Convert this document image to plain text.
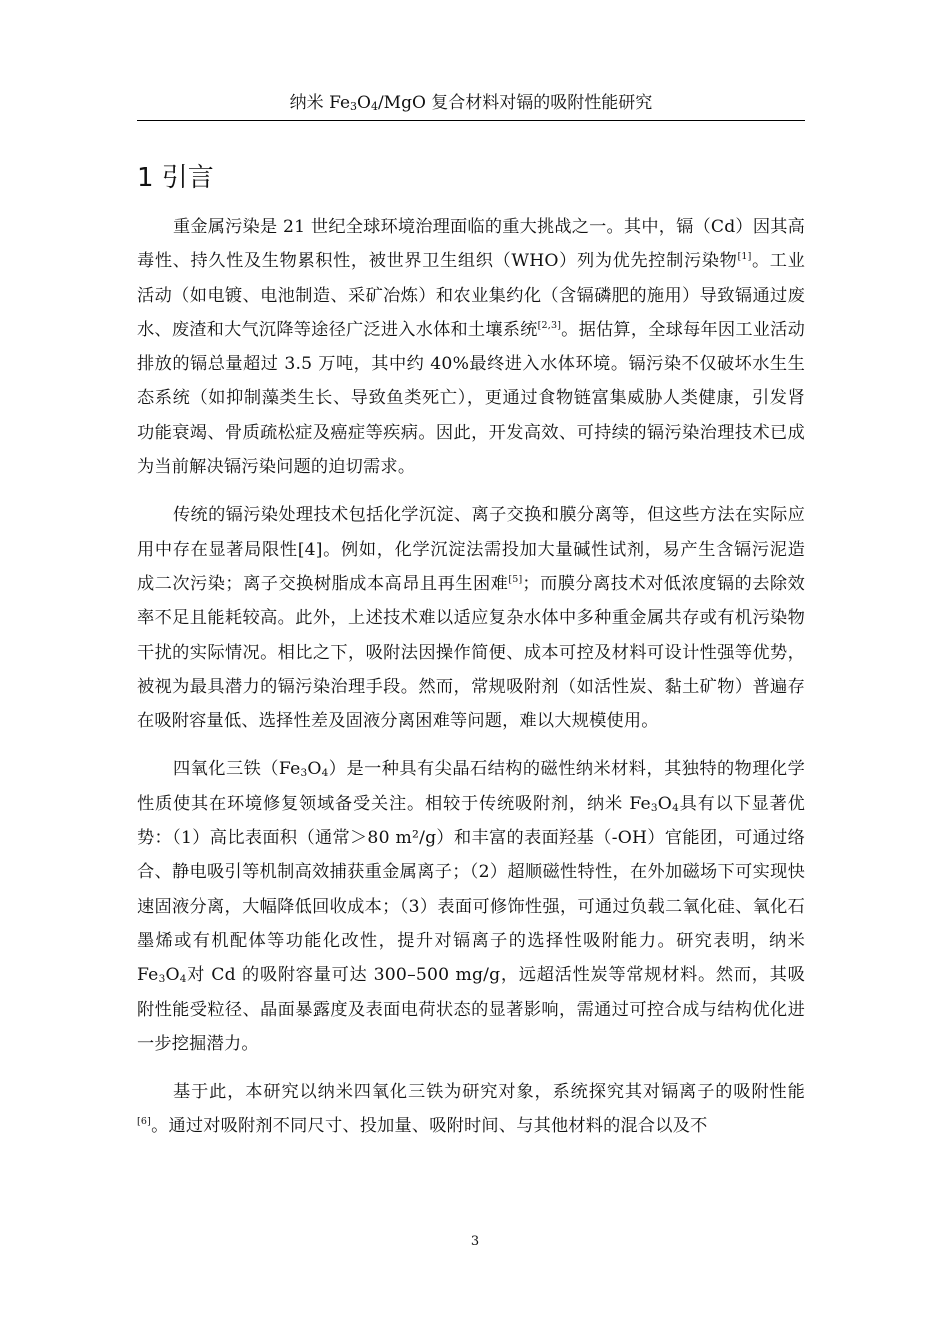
纳米 $Fe_3O_4$/MgO 复合材料对镉的吸附性能研究
1 引言

重金属污染是 21 世纪全球环境治理面临的重大挑战之一。其中，镉（Cd）因其高毒性、持久性及生物累积性，被世界卫生组织（WHO）列为优先控制污染物[1]。工业活动（如电镀、电池制造、采矿冶炼）和农业集约化（含镉磷肥的施用）导致镉通过废水、废渣和大气沉降等途径广泛进入水体和土壤系统[2,3]。据估算，全球每年因工业活动排放的镉总量超过 3.5 万吨，其中约 40%最终进入水体环境。镉污染不仅破坏水生生态系统（如抑制藻类生长、导致鱼类死亡），更通过食物链富集威胁人类健康，引发肾功能衰竭、骨质疏松症及癌症等疾病。因此，开发高效、可持续的镉污染治理技术已成为当前解决镉污染问题的迫切需求。

传统的镉污染处理技术包括化学沉淀、离子交换和膜分离等，但这些方法在实际应用中存在显著局限性[4]。例如，化学沉淀法需投加大量碱性试剂，易产生含镉污泥造成二次污染；离子交换树脂成本高昂且再生困难[5]；而膜分离技术对低浓度镉的去除效率不足且能耗较高。此外，上述技术难以适应复杂水体中多种重金属共存或有机污染物干扰的实际情况。相比之下，吸附法因操作简便、成本可控及材料可设计性强等优势，被视为最具潜力的镉污染治理手段。然而，常规吸附剂（如活性炭、黏土矿物）普遍存在吸附容量低、选择性差及固液分离困难等问题，难以大规模使用。

四氧化三铁$(Fe_3O_4)$是一种具有尖晶石结构的磁性纳米材料，其独特的物理化学性质使其在环境修复领域备受关注。相较于传统吸附剂，纳米 $Fe_3O_4$具有以下显著优势：（1）高比表面积（通常＞80 m²/g）和丰富的表面羟基（-OH）官能团，可通过络合、静电吸引等机制高效捕获重金属离子；（2）超顺磁性特性，在外加磁场下可实现快速固液分离，大幅降低回收成本；（3）表面可修饰性强，可通过负载二氧化硅、氧化石墨烯或有机配体等功能化改性，提升对镉离子的选择性吸附能力。研究表明，纳米 $Fe_3O_4$对 Cd 的吸附容量可达 300–500 mg/g，远超活性炭等常规材料。然而，其吸附性能受粒径、晶面暴露度及表面电荷状态的显著影响，需通过可控合成与结构优化进一步挖掘潜力。

基于此，本研究以纳米四氧化三铁为研究对象，系统探究其对镉离子的吸附性能[6]。通过对吸附剂不同尺寸、投加量、吸附时间、与其他材料的混合以及不

3
